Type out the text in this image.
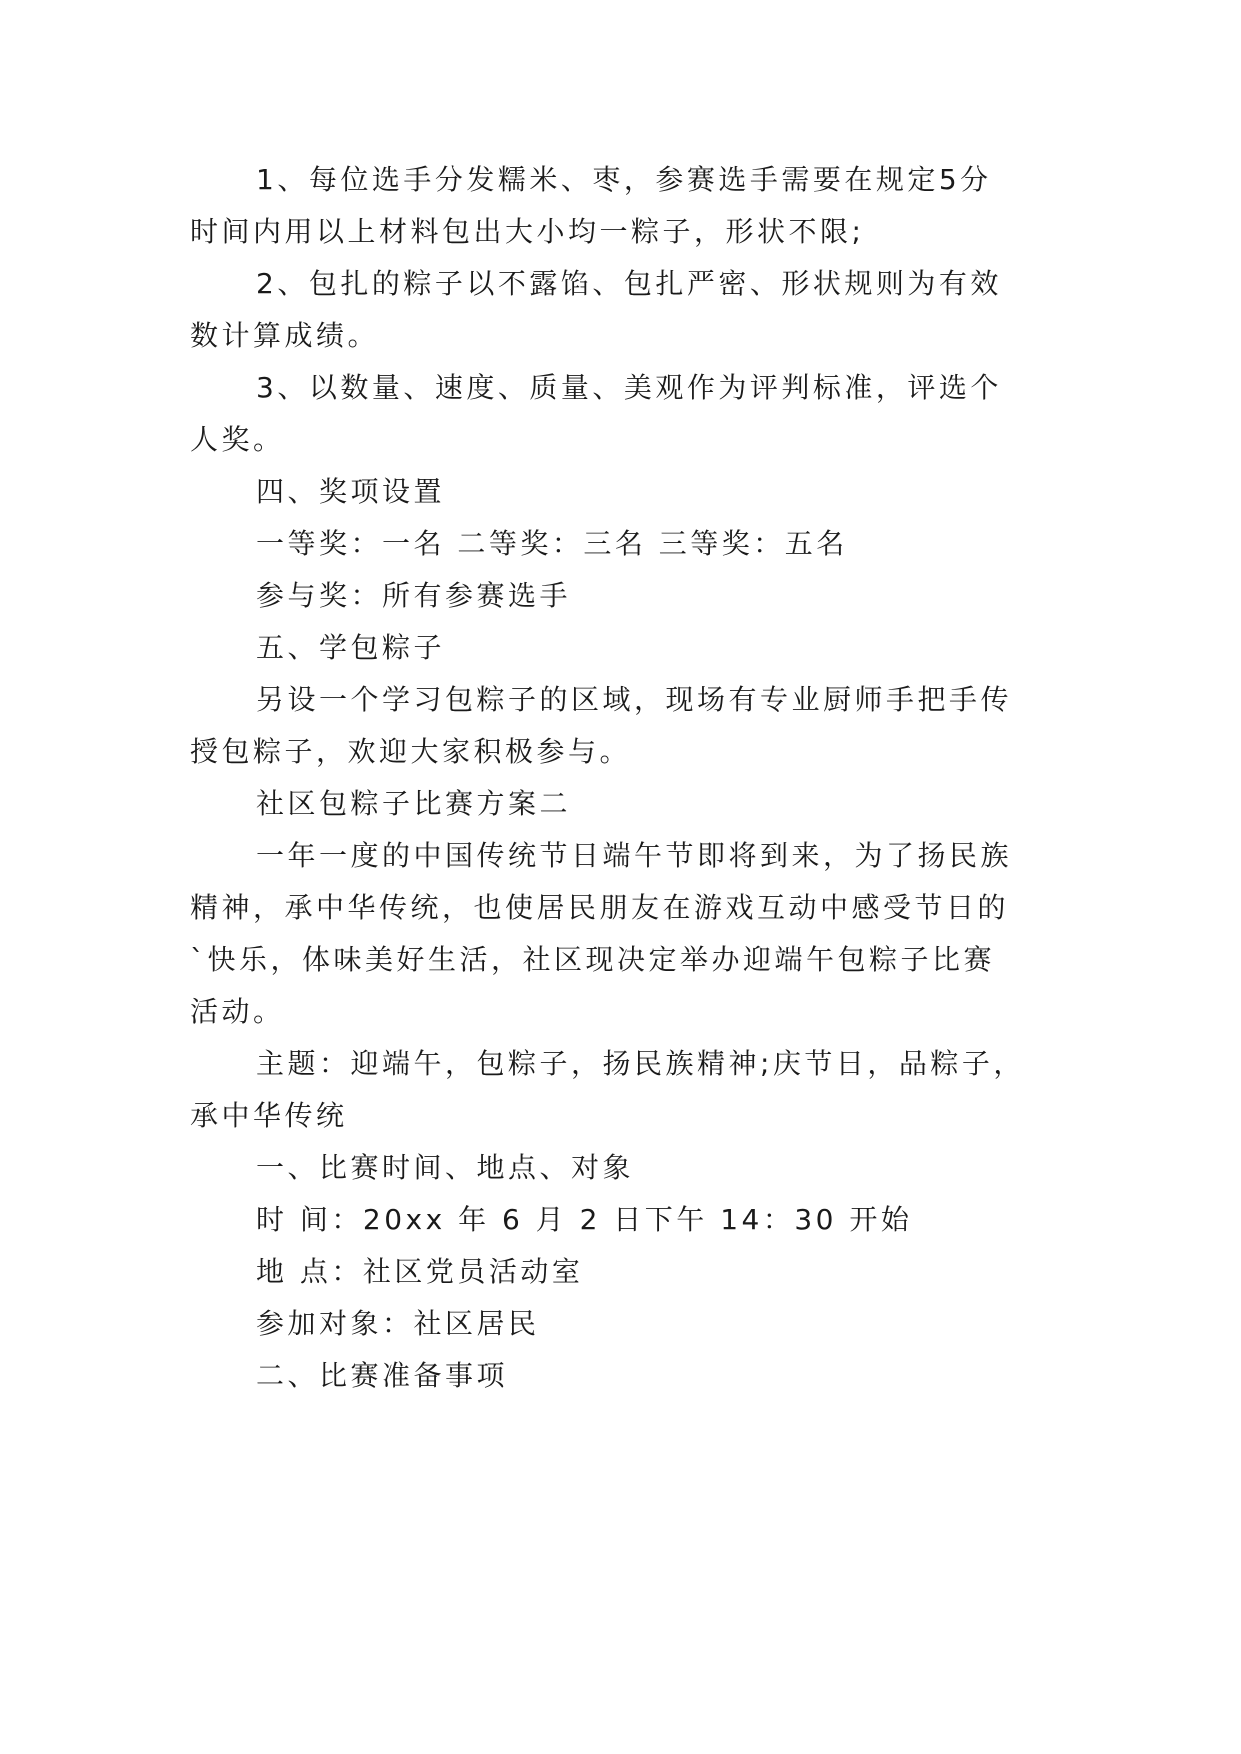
1、每位选手分发糯米、枣，参赛选手需要在规定5分
时间内用以上材料包出大小均一粽子，形状不限;
2、包扎的粽子以不露馅、包扎严密、形状规则为有效
数计算成绩。
3、以数量、速度、质量、美观作为评判标准，评选个
人奖。
四、奖项设置
一等奖：一名 二等奖：三名 三等奖：五名
参与奖：所有参赛选手
五、学包粽子
另设一个学习包粽子的区域，现场有专业厨师手把手传
授包粽子，欢迎大家积极参与。
社区包粽子比赛方案二
一年一度的中国传统节日端午节即将到来，为了扬民族
精神，承中华传统，也使居民朋友在游戏互动中感受节日的
`快乐，体味美好生活，社区现决定举办迎端午包粽子比赛
活动。
主题：迎端午，包粽子，扬民族精神;庆节日，品粽子，
承中华传统
一、比赛时间、地点、对象
时 间：20xx 年 6 月 2 日下午 14：30 开始
地 点：社区党员活动室
参加对象：社区居民
二、比赛准备事项
